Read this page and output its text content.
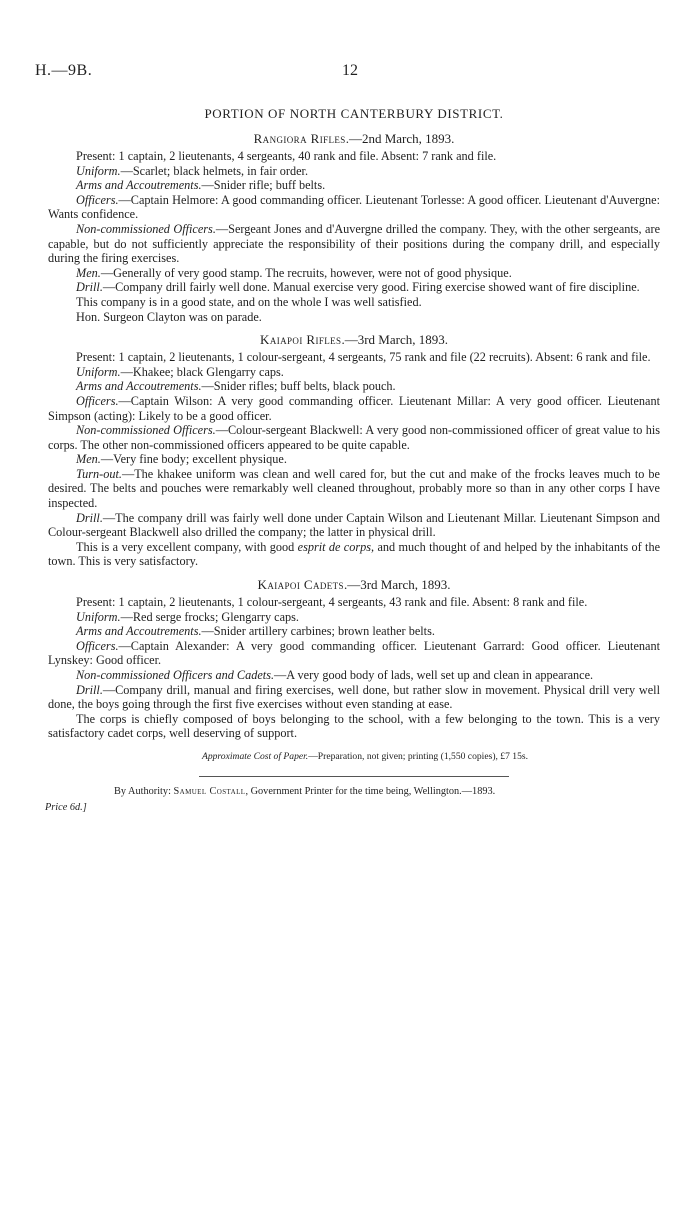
H.—9B.	12
PORTION OF NORTH CANTERBURY DISTRICT.
Rangiora Rifles.—2nd March, 1893.

Present: 1 captain, 2 lieutenants, 4 sergeants, 40 rank and file. Absent: 7 rank and file.

Uniform.—Scarlet; black helmets, in fair order.

Arms and Accoutrements.—Snider rifle; buff belts.

Officers.—Captain Helmore: A good commanding officer. Lieutenant Torlesse: A good officer. Lieutenant d'Auvergne: Wants confidence.

Non-commissioned Officers.—Sergeant Jones and d'Auvergne drilled the company. They, with the other sergeants, are capable, but do not sufficiently appreciate the responsibility of their positions during the company drill, and especially during the firing exercises.

Men.—Generally of very good stamp. The recruits, however, were not of good physique.

Drill.—Company drill fairly well done. Manual exercise very good. Firing exercise showed want of fire discipline.

This company is in a good state, and on the whole I was well satisfied.

Hon. Surgeon Clayton was on parade.

Kaiapoi Rifles.—3rd March, 1893.

Present: 1 captain, 2 lieutenants, 1 colour-sergeant, 4 sergeants, 75 rank and file (22 recruits). Absent: 6 rank and file.

Uniform.—Khakee; black Glengarry caps.

Arms and Accoutrements.—Snider rifles; buff belts, black pouch.

Officers.—Captain Wilson: A very good commanding officer. Lieutenant Millar: A very good officer. Lieutenant Simpson (acting): Likely to be a good officer.

Non-commissioned Officers.—Colour-sergeant Blackwell: A very good non-commissioned officer of great value to his corps. The other non-commissioned officers appeared to be quite capable.

Men.—Very fine body; excellent physique.

Turn-out.—The khakee uniform was clean and well cared for, but the cut and make of the frocks leaves much to be desired. The belts and pouches were remarkably well cleaned throughout, probably more so than in any other corps I have inspected.

Drill.—The company drill was fairly well done under Captain Wilson and Lieutenant Millar. Lieutenant Simpson and Colour-sergeant Blackwell also drilled the company; the latter in physical drill.

This is a very excellent company, with good esprit de corps, and much thought of and helped by the inhabitants of the town. This is very satisfactory.

Kaiapoi Cadets.—3rd March, 1893.

Present: 1 captain, 2 lieutenants, 1 colour-sergeant, 4 sergeants, 43 rank and file. Absent: 8 rank and file.

Uniform.—Red serge frocks; Glengarry caps.

Arms and Accoutrements.—Snider artillery carbines; brown leather belts.

Officers.—Captain Alexander: A very good commanding officer. Lieutenant Garrard: Good officer. Lieutenant Lynskey: Good officer.

Non-commissioned Officers and Cadets.—A very good body of lads, well set up and clean in appearance.

Drill.—Company drill, manual and firing exercises, well done, but rather slow in movement. Physical drill very well done, the boys going through the first five exercises without even standing at ease.

The corps is chiefly composed of boys belonging to the school, with a few belonging to the town. This is a very satisfactory cadet corps, well deserving of support.

Approximate Cost of Paper.—Preparation, not given; printing (1,550 copies), £7 15s.
By Authority: Samuel Costall, Government Printer for the time being, Wellington.—1893.
Price 6d.]
